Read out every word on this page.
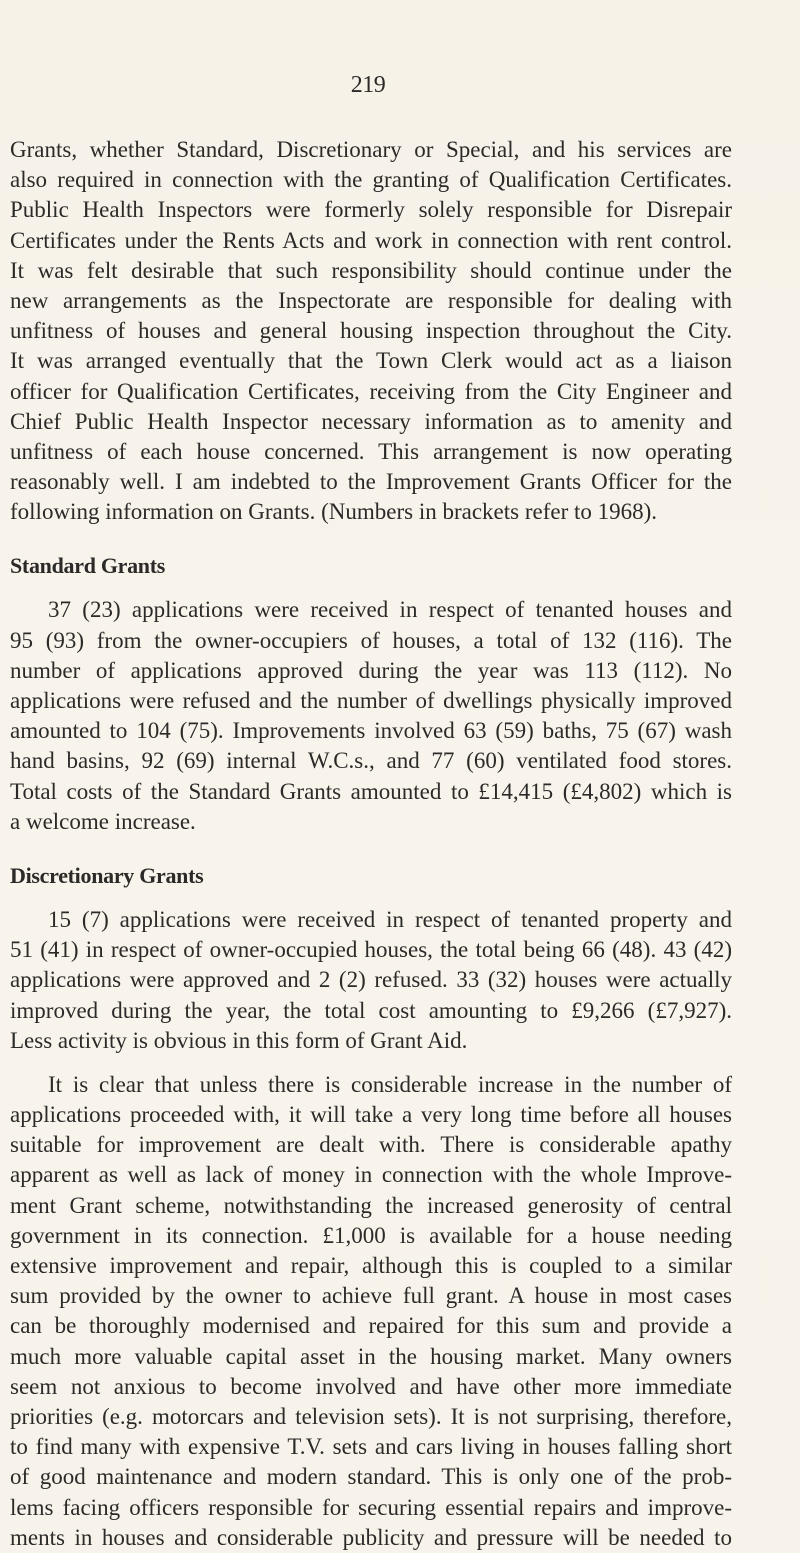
219
Grants, whether Standard, Discretionary or Special, and his services are
also required in connection with the granting of Qualification Certificates.
Public Health Inspectors were formerly solely responsible for Disrepair
Certificates under the Rents Acts and work in connection with rent control.
It was felt desirable that such responsibility should continue under the
new arrangements as the Inspectorate are responsible for dealing with
unfitness of houses and general housing inspection throughout the City.
It was arranged eventually that the Town Clerk would act as a liaison
officer for Qualification Certificates, receiving from the City Engineer and
Chief Public Health Inspector necessary information as to amenity and
unfitness of each house concerned. This arrangement is now operating
reasonably well. I am indebted to the Improvement Grants Officer for the
following information on Grants. (Numbers in brackets refer to 1968).
Standard Grants
37 (23) applications were received in respect of tenanted houses and
95 (93) from the owner-occupiers of houses, a total of 132 (116). The
number of applications approved during the year was 113 (112). No
applications were refused and the number of dwellings physically improved
amounted to 104 (75). Improvements involved 63 (59) baths, 75 (67) wash
hand basins, 92 (69) internal W.C.s., and 77 (60) ventilated food stores.
Total costs of the Standard Grants amounted to £14,415 (£4,802) which is
a welcome increase.
Discretionary Grants
15 (7) applications were received in respect of tenanted property and
51 (41) in respect of owner-occupied houses, the total being 66 (48). 43 (42)
applications were approved and 2 (2) refused. 33 (32) houses were actually
improved during the year, the total cost amounting to £9,266 (£7,927).
Less activity is obvious in this form of Grant Aid.
It is clear that unless there is considerable increase in the number of
applications proceeded with, it will take a very long time before all houses
suitable for improvement are dealt with. There is considerable apathy
apparent as well as lack of money in connection with the whole Improve-
ment Grant scheme, notwithstanding the increased generosity of central
government in its connection. £1,000 is available for a house needing
extensive improvement and repair, although this is coupled to a similar
sum provided by the owner to achieve full grant. A house in most cases
can be thoroughly modernised and repaired for this sum and provide a
much more valuable capital asset in the housing market. Many owners
seem not anxious to become involved and have other more immediate
priorities (e.g. motorcars and television sets). It is not surprising, therefore,
to find many with expensive T.V. sets and cars living in houses falling short
of good maintenance and modern standard. This is only one of the prob-
lems facing officers responsible for securing essential repairs and improve-
ments in houses and considerable publicity and pressure will be needed to
